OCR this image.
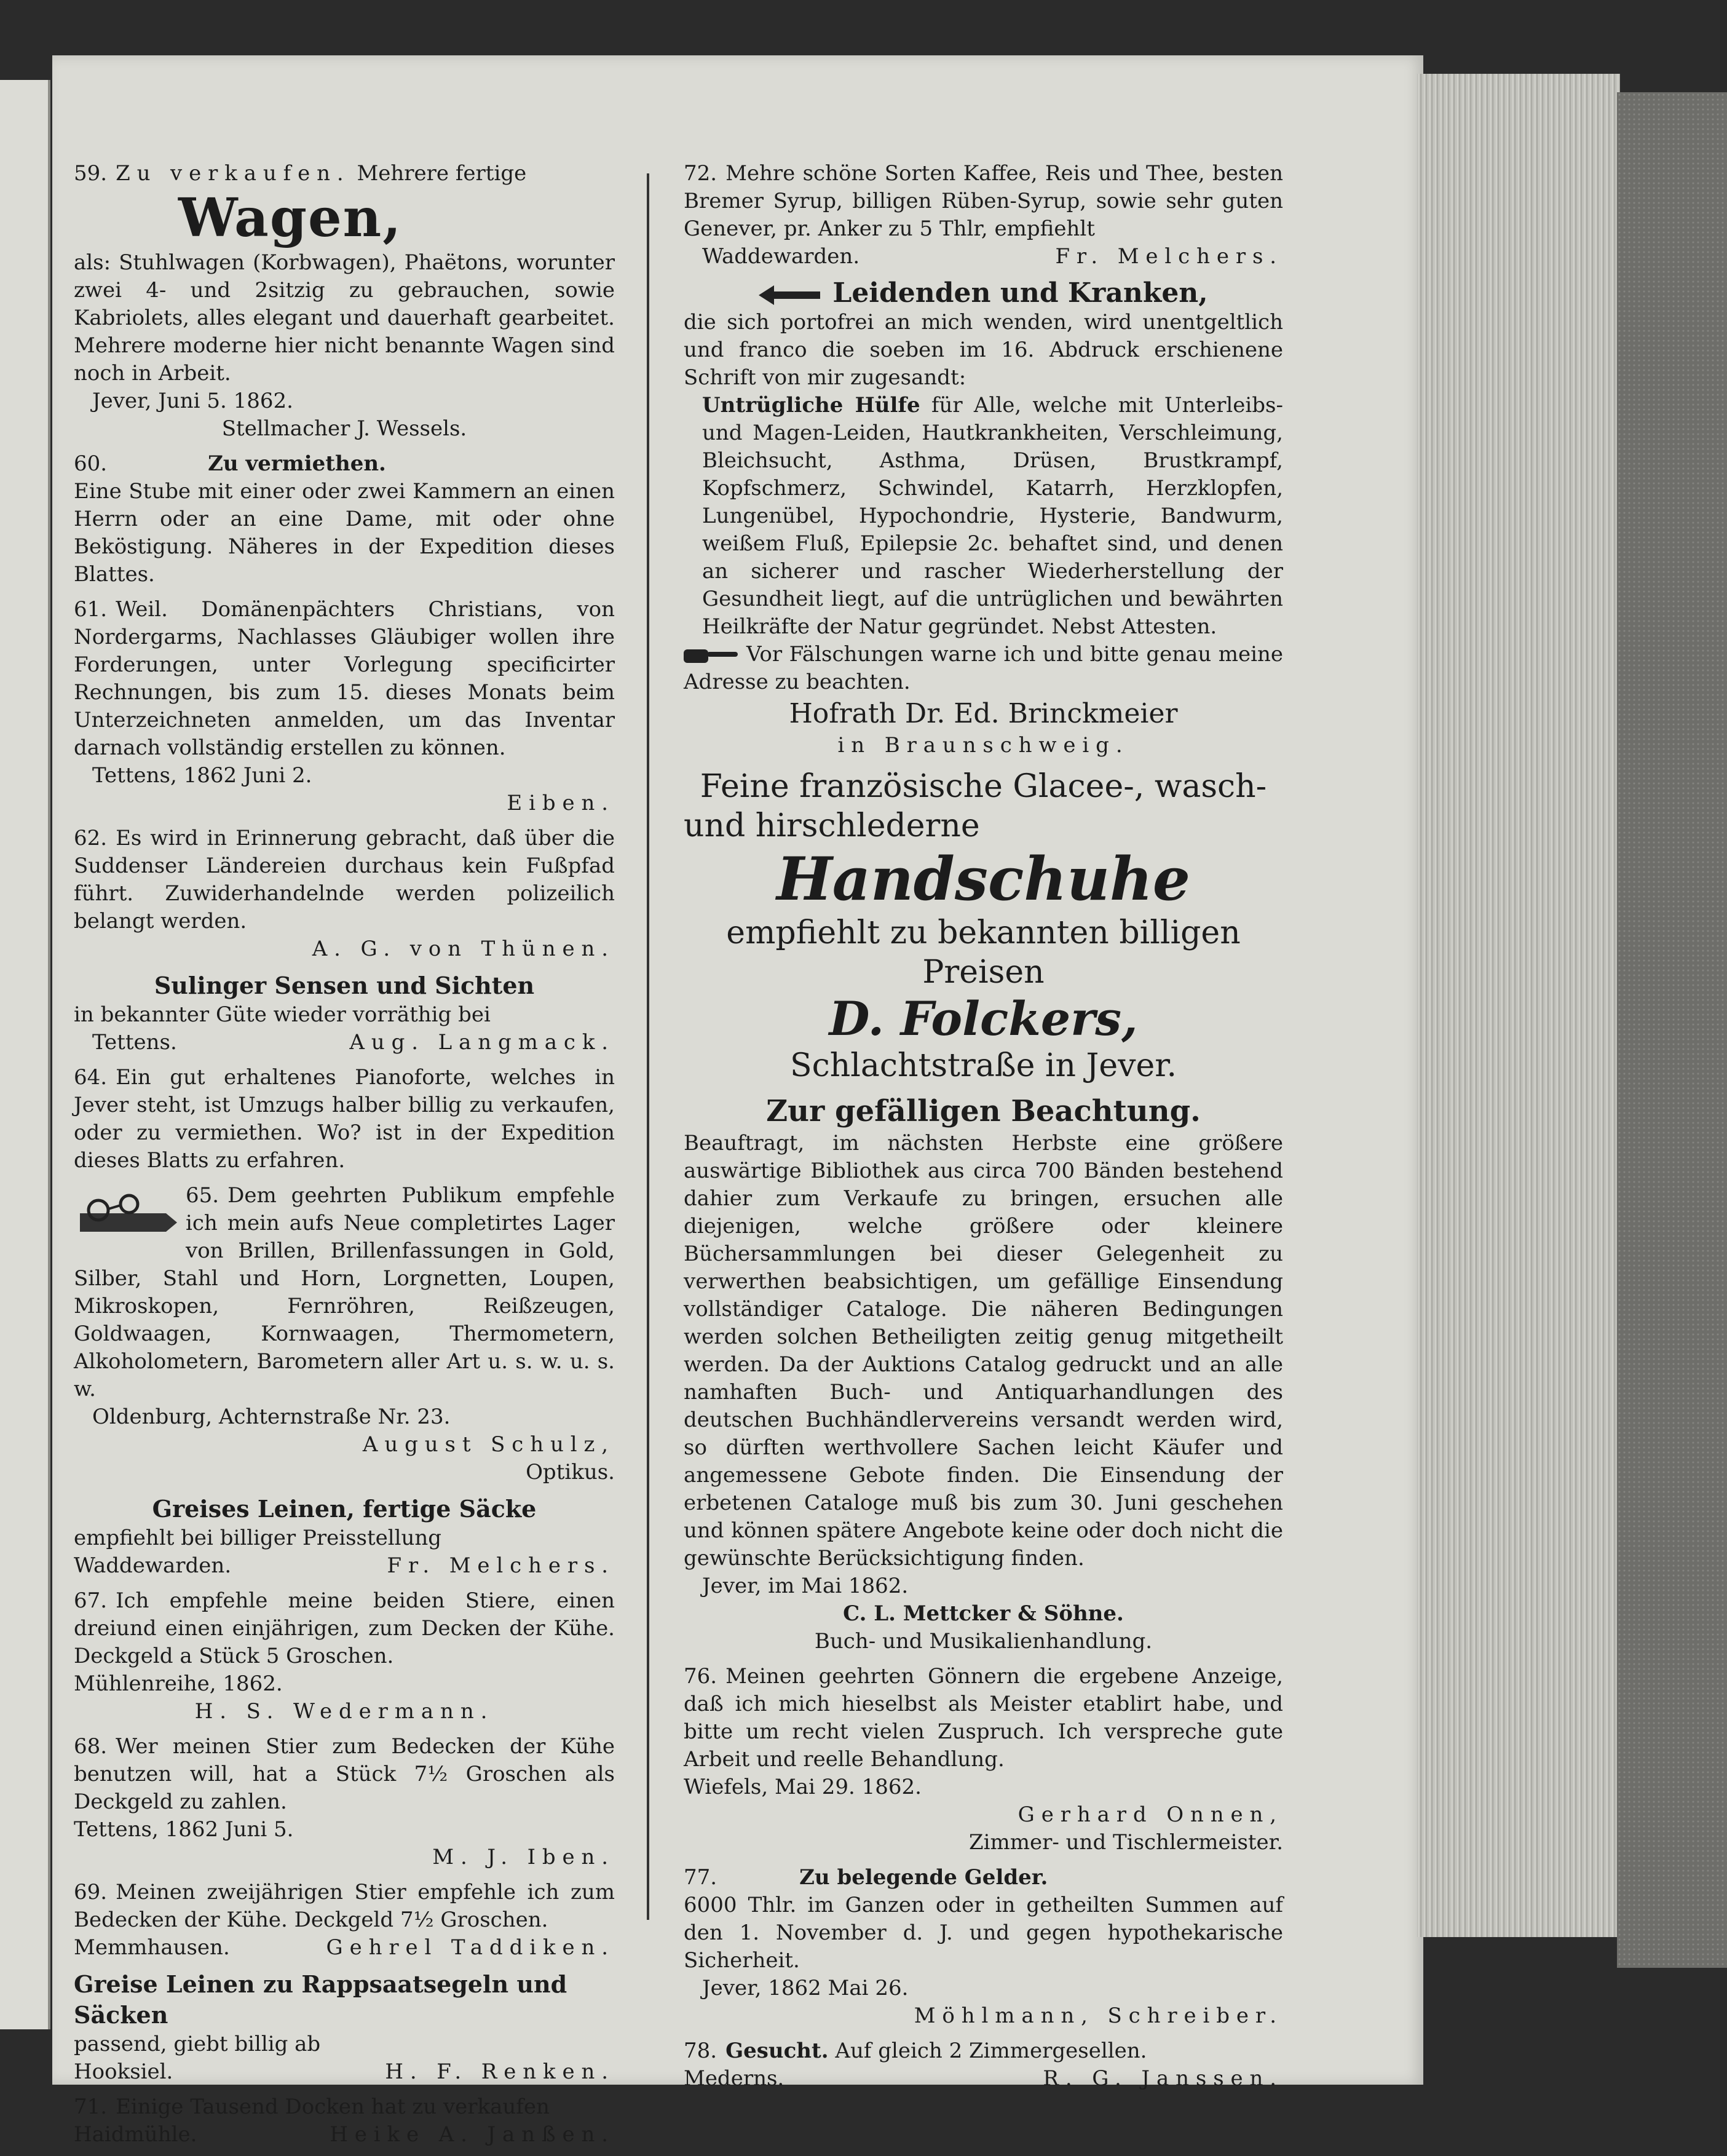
59. Zu verkaufen. Mehrere fertige

Wagen,

als: Stuhlwagen (Korbwagen), Phaëtons, worunter zwei 4- und 2sitzig zu gebrauchen, sowie Kabriolets, alles elegant und dauerhaft gearbeitet. Mehrere moderne hier nicht benannte Wagen sind noch in Arbeit.

Jever, Juni 5. 1862.

Stellmacher J. Wessels.

60.	Zu vermiethen.

Eine Stube mit einer oder zwei Kammern an einen Herrn oder an eine Dame, mit oder ohne Beköstigung. Näheres in der Expedition dieses Blattes.

61. Weil. Domänenpächters Christians, von Nordergarms, Nachlasses Gläubiger wollen ihre Forderungen, unter Vorlegung specificirter Rechnungen, bis zum 15. dieses Monats beim Unterzeichneten anmelden, um das Inventar darnach vollständig erstellen zu können.

Tettens, 1862 Juni 2.

Eiben.

62. Es wird in Erinnerung gebracht, daß über die Suddenser Ländereien durchaus kein Fußpfad führt. Zuwiderhandelnde werden polizeilich belangt werden.

A. G. von Thünen.

Sulinger Sensen und Sichten

in bekannter Güte wieder vorräthig bei

Tettens.	Aug. Langmack.

64. Ein gut erhaltenes Pianoforte, welches in Jever steht, ist Umzugs halber billig zu verkaufen, oder zu vermiethen. Wo? ist in der Expedition dieses Blatts zu erfahren.

65. Dem geehrten Publikum empfehle ich mein aufs Neue completirtes Lager von Brillen, Brillenfassungen in Gold, Silber, Stahl und Horn, Lorgnetten, Loupen, Mikroskopen, Fernröhren, Reißzeugen, Goldwaagen, Kornwaagen, Thermometern, Alkoholometern, Barometern aller Art u. s. w. u. s. w.

Oldenburg, Achternstraße Nr. 23.

August Schulz,

Optikus.

Greises Leinen, fertige Säcke

empfiehlt bei billiger Preisstellung

Waddewarden.	Fr. Melchers.

67. Ich empfehle meine beiden Stiere, einen dreiund einen einjährigen, zum Decken der Kühe. Deckgeld a Stück 5 Groschen.

Mühlenreihe, 1862.

H. S. Wedermann.

68. Wer meinen Stier zum Bedecken der Kühe benutzen will, hat a Stück 7½ Groschen als Deckgeld zu zahlen.

Tettens, 1862 Juni 5.

M. J. Iben.

69. Meinen zweijährigen Stier empfehle ich zum Bedecken der Kühe. Deckgeld 7½ Groschen.

Memmhausen.	Gehrel Taddiken.

Greise Leinen zu Rappsaatsegeln und Säcken

passend, giebt billig ab

Hooksiel.	H. F. Renken.

71. Einige Tausend Docken hat zu verkaufen

Haidmühle.	Heike A. Janßen.

72. Mehre schöne Sorten Kaffee, Reis und Thee, besten Bremer Syrup, billigen Rüben-Syrup, sowie sehr guten Genever, pr. Anker zu 5 Thlr, empfiehlt

Waddewarden.	Fr. Melchers.

Leidenden und Kranken,

die sich portofrei an mich wenden, wird unentgeltlich und franco die soeben im 16. Abdruck erschienene Schrift von mir zugesandt:

Untrügliche Hülfe für Alle, welche mit Unterleibs- und Magen-Leiden, Hautkrankheiten, Verschleimung, Bleichsucht, Asthma, Drüsen, Brustkrampf, Kopfschmerz, Schwindel, Katarrh, Herzklopfen, Lungenübel, Hypochondrie, Hysterie, Bandwurm, weißem Fluß, Epilepsie 2c. behaftet sind, und denen an sicherer und rascher Wiederherstellung der Gesundheit liegt, auf die untrüglichen und bewährten Heilkräfte der Natur gegründet. Nebst Attesten.

Vor Fälschungen warne ich und bitte genau meine Adresse zu beachten.

Hofrath Dr. Ed. Brinckmeier

in Braunschweig.

Feine französische Glacee-, wasch-

und hirschlederne

Handschuhe

empfiehlt zu bekannten billigen Preisen

D. Folckers,

Schlachtstraße in Jever.

Zur gefälligen Beachtung.

Beauftragt, im nächsten Herbste eine größere auswärtige Bibliothek aus circa 700 Bänden bestehend dahier zum Verkaufe zu bringen, ersuchen alle diejenigen, welche größere oder kleinere Büchersammlungen bei dieser Gelegenheit zu verwerthen beabsichtigen, um gefällige Einsendung vollständiger Cataloge. Die näheren Bedingungen werden solchen Betheiligten zeitig genug mitgetheilt werden. Da der Auktions Catalog gedruckt und an alle namhaften Buch- und Antiquarhandlungen des deutschen Buchhändlervereins versandt werden wird, so dürften werthvollere Sachen leicht Käufer und angemessene Gebote finden. Die Einsendung der erbetenen Cataloge muß bis zum 30. Juni geschehen und können spätere Angebote keine oder doch nicht die gewünschte Berücksichtigung finden.

Jever, im Mai 1862.

C. L. Mettcker & Söhne.

Buch- und Musikalienhandlung.

76. Meinen geehrten Gönnern die ergebene Anzeige, daß ich mich hieselbst als Meister etablirt habe, und bitte um recht vielen Zuspruch. Ich verspreche gute Arbeit und reelle Behandlung.

Wiefels, Mai 29. 1862.

Gerhard Onnen,

Zimmer- und Tischlermeister.

77.	Zu belegende Gelder.

6000 Thlr. im Ganzen oder in getheilten Summen auf den 1. November d. J. und gegen hypothekarische Sicherheit.

Jever, 1862 Mai 26.

Möhlmann, Schreiber.

78. Gesucht. Auf gleich 2 Zimmergesellen.

Mederns.	R. G. Janssen.
